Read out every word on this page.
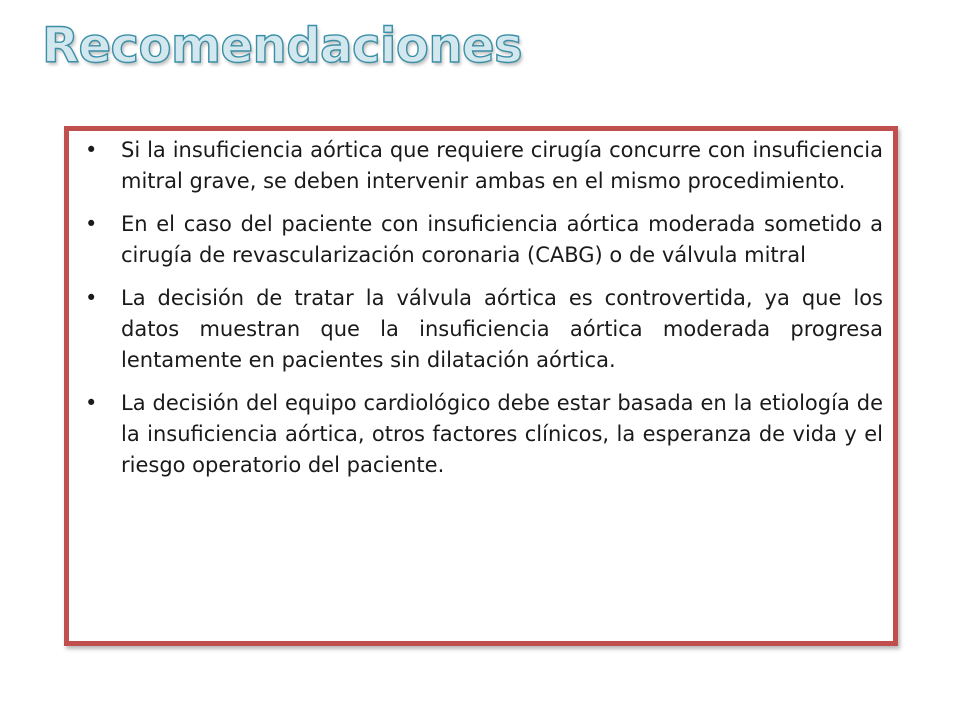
Recomendaciones
• Si la insuficiencia aórtica que requiere cirugía concurre con insuficiencia mitral grave, se deben intervenir ambas en el mismo procedimiento.
• En el caso del paciente con insuficiencia aórtica moderada sometido a cirugía de revascularización coronaria (CABG) o de válvula mitral
• La decisión de tratar la válvula aórtica es controvertida, ya que los datos muestran que la insuficiencia aórtica moderada progresa lentamente en pacientes sin dilatación aórtica.
• La decisión del equipo cardiológico debe estar basada en la etiología de la insuficiencia aórtica, otros factores clínicos, la esperanza de vida y el riesgo operatorio del paciente.
